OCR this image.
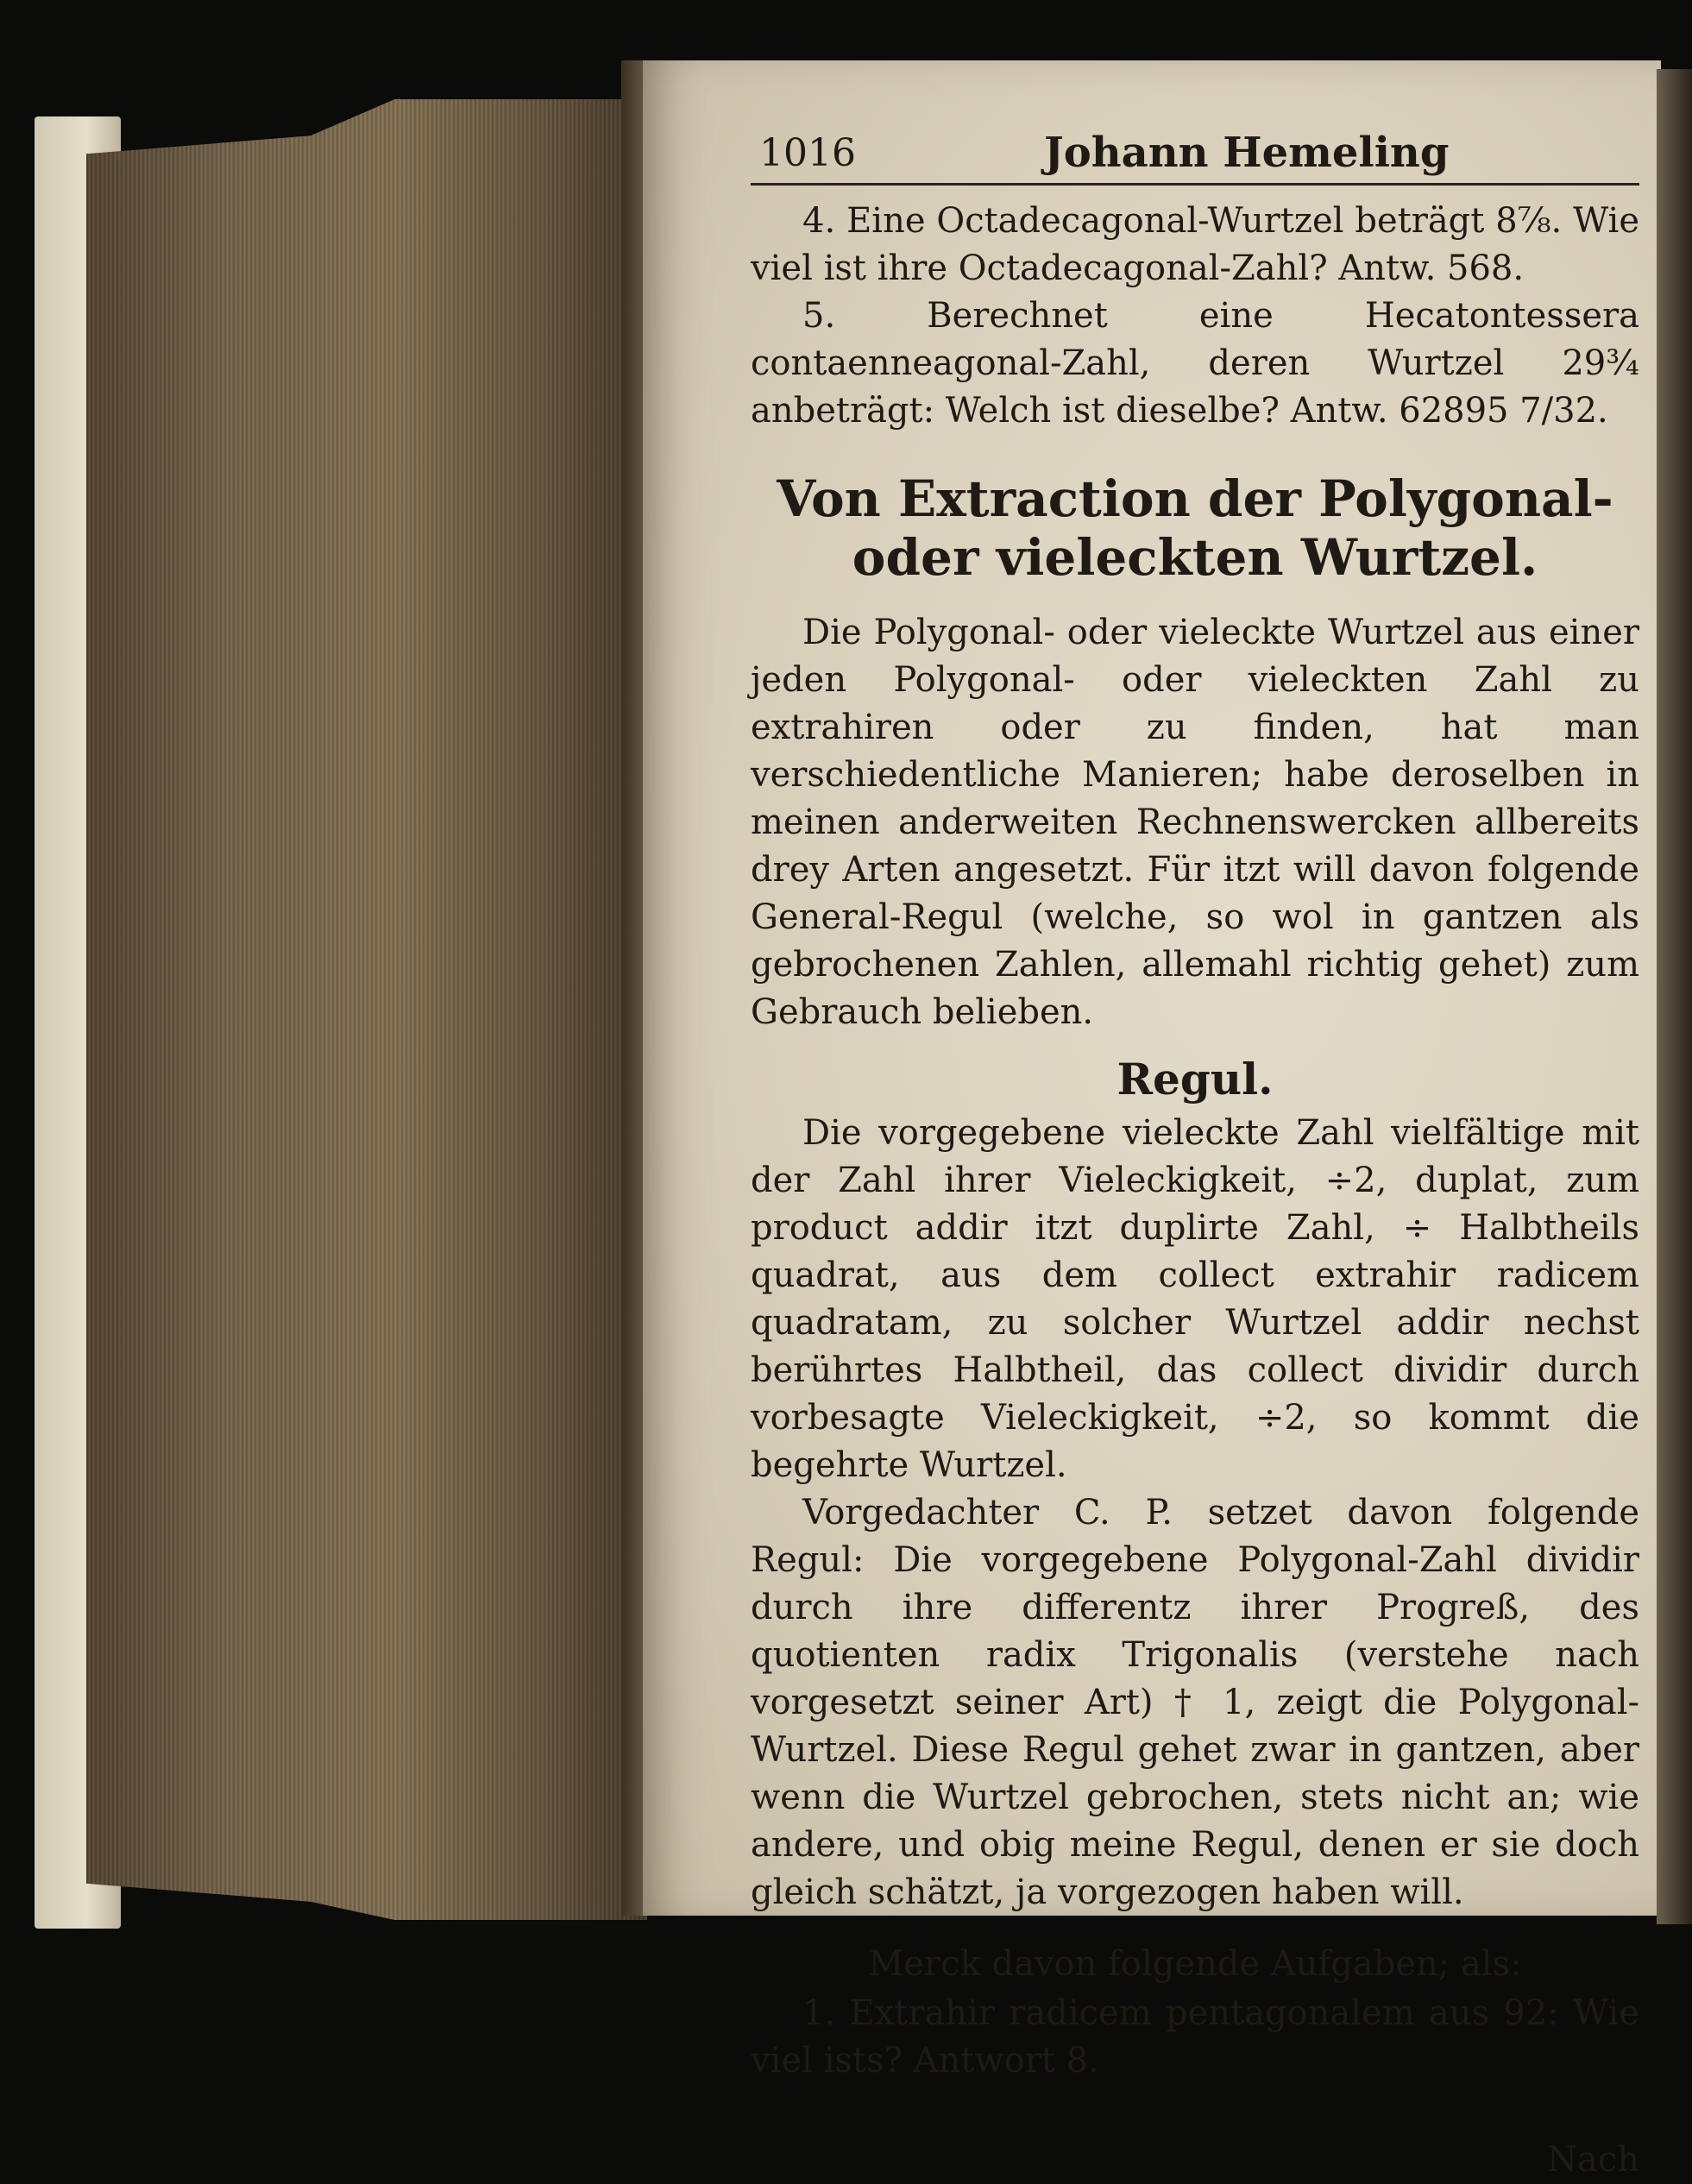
1016	Johann Hemeling

4. Eine Octadecagonal-Wurtzel beträgt 8⅞. Wie viel ist ihre Octadecagonal-Zahl? Antw. 568.

5. Berechnet eine Hecatontessera contaenneagonal-Zahl, deren Wurtzel 29¾ anbeträgt: Welch ist dieselbe? Antw. 62895 7/32.

Von Extraction der Polygonal-oder vieleckten Wurtzel.

Die Polygonal- oder vieleckte Wurtzel aus einer jeden Polygonal- oder vieleckten Zahl zu extrahiren oder zu finden, hat man verschiedentliche Manieren; habe deroselben in meinen anderweiten Rechnenswercken allbereits drey Arten angesetzt. Für itzt will davon folgende General-Regul (welche, so wol in gantzen als gebrochenen Zahlen, allemahl richtig gehet) zum Gebrauch belieben.

Regul.

Die vorgegebene vieleckte Zahl vielfältige mit der Zahl ihrer Vieleckigkeit, ÷2, duplat, zum product addir itzt duplirte Zahl, ÷ Halbtheils quadrat, aus dem collect extrahir radicem quadratam, zu solcher Wurtzel addir nechst berührtes Halbtheil, das collect dividir durch vorbesagte Vieleckigkeit, ÷2, so kommt die begehrte Wurtzel.

Vorgedachter C. P. setzet davon folgende Regul: Die vorgegebene Polygonal-Zahl dividir durch ihre differentz ihrer Progreß, des quotienten radix Trigonalis (verstehe nach vorgesetzt seiner Art) † 1, zeigt die Polygonal-Wurtzel. Diese Regul gehet zwar in gantzen, aber wenn die Wurtzel gebrochen, stets nicht an; wie andere, und obig meine Regul, denen er sie doch gleich schätzt, ja vorgezogen haben will.

Merck davon folgende Aufgaben; als:

1. Extrahir radicem pentagonalem aus 92: Wie viel ists? Antwort 8.

Nach
